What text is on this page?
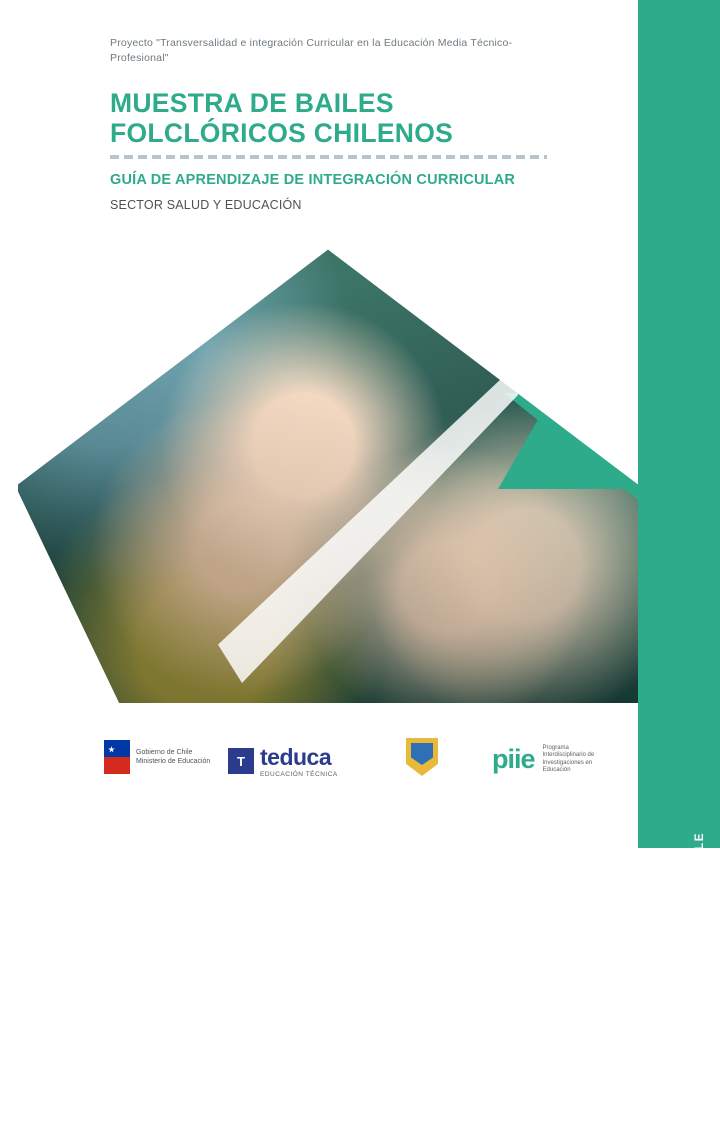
Proyecto "Transversalidad e integración Curricular en la Educación Media Técnico-Profesional"
MUESTRA DE BAILES FOLCLÓRICOS CHILENOS
GUÍA DE APRENDIZAJE DE INTEGRACIÓN CURRICULAR
SECTOR SALUD Y EDUCACIÓN
Gobierno de Chile
Ministerio de Educación	T teduca
EDUCACIÓN TÉCNICA
piie Programa Interdisciplinario de Investigaciones en Educación
EDUCACIÓN FÍSICA·DANZANDO POR CHILE
